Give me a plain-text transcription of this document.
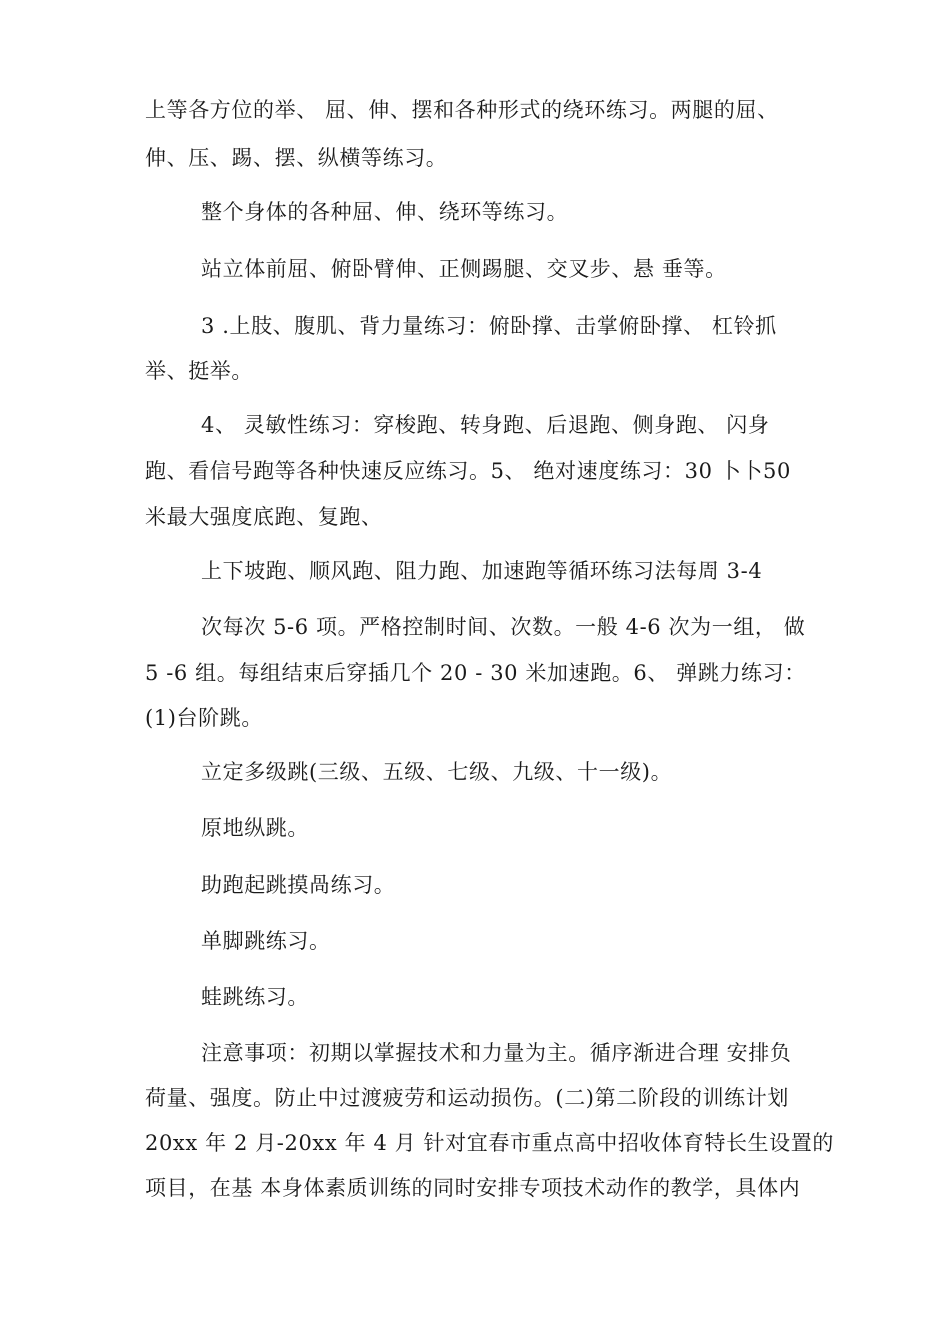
上等各方位的举、 屈、伸、摆和各种形式的绕环练习。两腿的屈、
伸、压、踢、摆、纵横等练习。
整个身体的各种屈、伸、绕环等练习。
站立体前屈、俯卧臂伸、正侧踢腿、交叉步、悬 垂等。
3 .上肢、腹肌、背力量练习：俯卧撑、击掌俯卧撑、 杠铃抓
举、挺举。
4、 灵敏性练习：穿梭跑、转身跑、后退跑、侧身跑、 闪身
跑、看信号跑等各种快速反应练习。5、 绝对速度练习：30 卜卜50
米最大强度底跑、复跑、
上下坡跑、顺风跑、阻力跑、加速跑等循环练习法每周 3-4
次每次 5-6 项。严格控制时间、次数。一般 4-6 次为一组， 做
5 -6 组。每组结束后穿插几个 20 - 30 米加速跑。6、 弹跳力练习：
(1)台阶跳。
立定多级跳(三级、五级、七级、九级、十一级)。
原地纵跳。
助跑起跳摸咼练习。
单脚跳练习。
蛙跳练习。
注意事项：初期以掌握技术和力量为主。循序渐进合理 安排负
荷量、强度。防止中过渡疲劳和运动损伤。(二)第二阶段的训练计划
20xx 年 2 月-20xx 年 4 月 针对宜春市重点高中招收体育特长生设置的
项目，在基 本身体素质训练的同时安排专项技术动作的教学，具体内
